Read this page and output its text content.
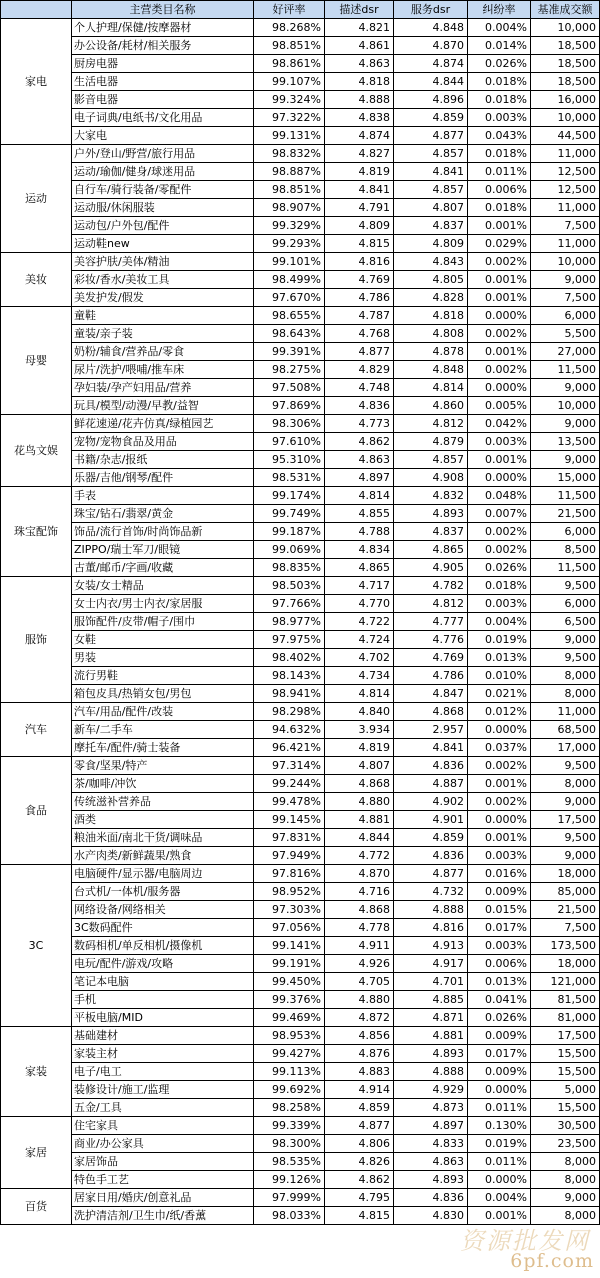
	主营类目名称	好评率	描述dsr	服务dsr	纠纷率	基准成交额
家电	个人护理/保健/按摩器材	98.268%	4.821	4.848	0.004%	10,000
	办公设备/耗材/相关服务	98.851%	4.861	4.870	0.014%	18,500
	厨房电器	98.861%	4.863	4.874	0.026%	18,500
	生活电器	99.107%	4.818	4.844	0.018%	18,500
	影音电器	99.324%	4.888	4.896	0.018%	16,000
	电子词典/电纸书/文化用品	97.322%	4.838	4.859	0.003%	10,000
	大家电	99.131%	4.874	4.877	0.043%	44,500
运动	户外/登山/野营/旅行用品	98.832%	4.827	4.857	0.018%	11,000
	运动/瑜伽/健身/球迷用品	98.887%	4.819	4.841	0.011%	12,500
	自行车/骑行装备/零配件	98.851%	4.841	4.857	0.006%	12,500
	运动服/休闲服装	98.907%	4.791	4.807	0.018%	11,000
	运动包/户外包/配件	99.329%	4.809	4.837	0.001%	7,500
	运动鞋new	99.293%	4.815	4.809	0.029%	11,000
美妆	美容护肤/美体/精油	99.101%	4.816	4.843	0.002%	10,000
	彩妆/香水/美妆工具	98.499%	4.769	4.805	0.001%	9,000
	美发护发/假发	97.670%	4.786	4.828	0.001%	7,500
母婴	童鞋	98.655%	4.787	4.818	0.000%	6,000
	童装/亲子装	98.643%	4.768	4.808	0.002%	5,500
	奶粉/辅食/营养品/零食	99.391%	4.877	4.878	0.001%	27,000
	尿片/洗护/喂哺/推车床	98.275%	4.829	4.848	0.002%	11,500
	孕妇装/孕产妇用品/营养	97.508%	4.748	4.814	0.000%	9,000
	玩具/模型/动漫/早教/益智	97.869%	4.836	4.860	0.005%	10,000
花鸟文娱	鲜花速递/花卉仿真/绿植园艺	98.306%	4.773	4.812	0.042%	9,000
	宠物/宠物食品及用品	97.610%	4.862	4.879	0.003%	13,500
	书籍/杂志/报纸	95.310%	4.863	4.857	0.001%	9,000
	乐器/吉他/钢琴/配件	98.531%	4.897	4.908	0.000%	15,000
珠宝配饰	手表	99.174%	4.814	4.832	0.048%	11,500
	珠宝/钻石/翡翠/黄金	99.749%	4.855	4.893	0.007%	21,500
	饰品/流行首饰/时尚饰品新	99.187%	4.788	4.837	0.002%	6,000
	ZIPPO/瑞士军刀/眼镜	99.069%	4.834	4.865	0.002%	8,500
	古董/邮币/字画/收藏	98.835%	4.865	4.905	0.026%	11,500
服饰	女装/女士精品	98.503%	4.717	4.782	0.018%	9,500
	女士内衣/男士内衣/家居服	97.766%	4.770	4.812	0.003%	6,000
	服饰配件/皮带/帽子/围巾	98.977%	4.722	4.777	0.004%	6,500
	女鞋	97.975%	4.724	4.776	0.019%	9,000
	男装	98.402%	4.702	4.769	0.013%	9,500
	流行男鞋	98.143%	4.734	4.786	0.010%	8,000
	箱包皮具/热销女包/男包	98.941%	4.814	4.847	0.021%	8,000
汽车	汽车/用品/配件/改装	98.298%	4.840	4.868	0.012%	11,000
	新车/二手车	94.632%	3.934	2.957	0.000%	68,500
	摩托车/配件/骑士装备	96.421%	4.819	4.841	0.037%	17,000
食品	零食/坚果/特产	97.314%	4.807	4.836	0.002%	9,500
	茶/咖啡/冲饮	99.244%	4.868	4.887	0.001%	8,000
	传统滋补营养品	99.478%	4.880	4.902	0.002%	9,000
	酒类	99.145%	4.881	4.901	0.000%	17,500
	粮油米面/南北干货/调味品	97.831%	4.844	4.859	0.001%	9,500
	水产肉类/新鲜蔬果/熟食	97.949%	4.772	4.836	0.003%	9,000
3C	电脑硬件/显示器/电脑周边	97.816%	4.870	4.877	0.016%	18,000
	台式机/一体机/服务器	98.952%	4.716	4.732	0.009%	85,000
	网络设备/网络相关	97.303%	4.868	4.888	0.015%	21,500
	3C数码配件	97.056%	4.778	4.816	0.017%	7,500
	数码相机/单反相机/摄像机	99.141%	4.911	4.913	0.003%	173,500
	电玩/配件/游戏/攻略	99.191%	4.926	4.917	0.006%	18,000
	笔记本电脑	99.450%	4.705	4.701	0.013%	121,000
	手机	99.376%	4.880	4.885	0.041%	81,500
	平板电脑/MID	99.469%	4.872	4.871	0.026%	81,000
家装	基础建材	98.953%	4.856	4.881	0.009%	17,500
	家装主材	99.427%	4.876	4.893	0.017%	15,500
	电子/电工	99.113%	4.883	4.888	0.009%	15,500
	装修设计/施工/监理	99.692%	4.914	4.929	0.000%	5,000
	五金/工具	98.258%	4.859	4.873	0.011%	15,500
家居	住宅家具	99.339%	4.877	4.897	0.130%	30,500
	商业/办公家具	98.300%	4.806	4.833	0.019%	23,500
	家居饰品	98.535%	4.826	4.863	0.011%	8,000
	特色手工艺	99.126%	4.862	4.893	0.000%	8,000
百货	居家日用/婚庆/创意礼品	97.999%	4.795	4.836	0.004%	9,000
	洗护清洁剂/卫生巾/纸/香薰	98.033%	4.815	4.830	0.001%	8,000
资源批发网
6pf.com
